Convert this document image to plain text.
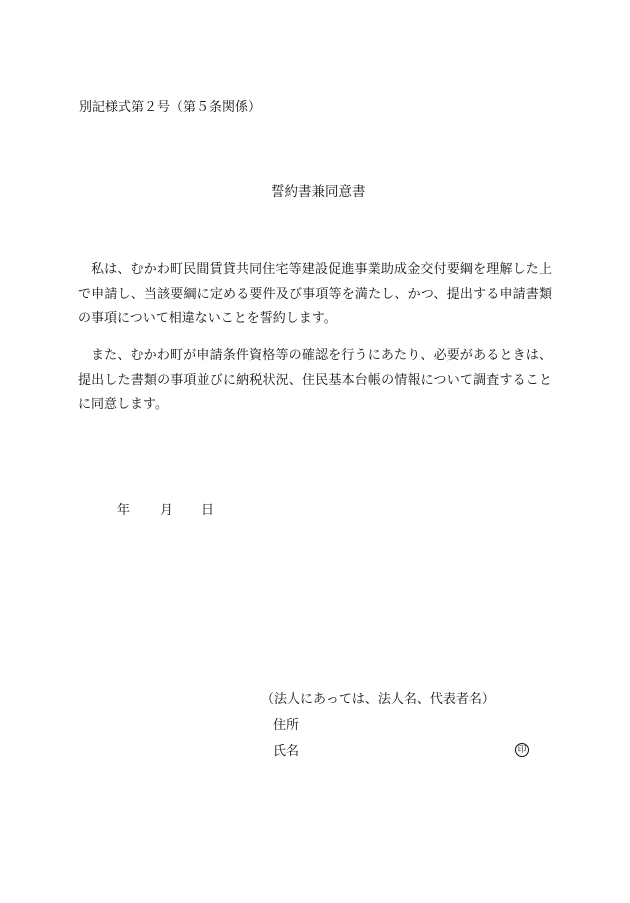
別記様式第２号（第５条関係）
誓約書兼同意書

私は、むかわ町民間賃貸共同住宅等建設促進事業助成金交付要綱を理解した上で申請し、当該要綱に定める要件及び事項等を満たし、かつ、提出する申請書類の事項について相違ないことを誓約します。

また、むかわ町が申請条件資格等の確認を行うにあたり、必要があるときは、提出した書類の事項並びに納税状況、住民基本台帳の情報について調査することに同意します。

年 月 日
（法人にあっては、法人名、代表者名）
住所
氏名	印
